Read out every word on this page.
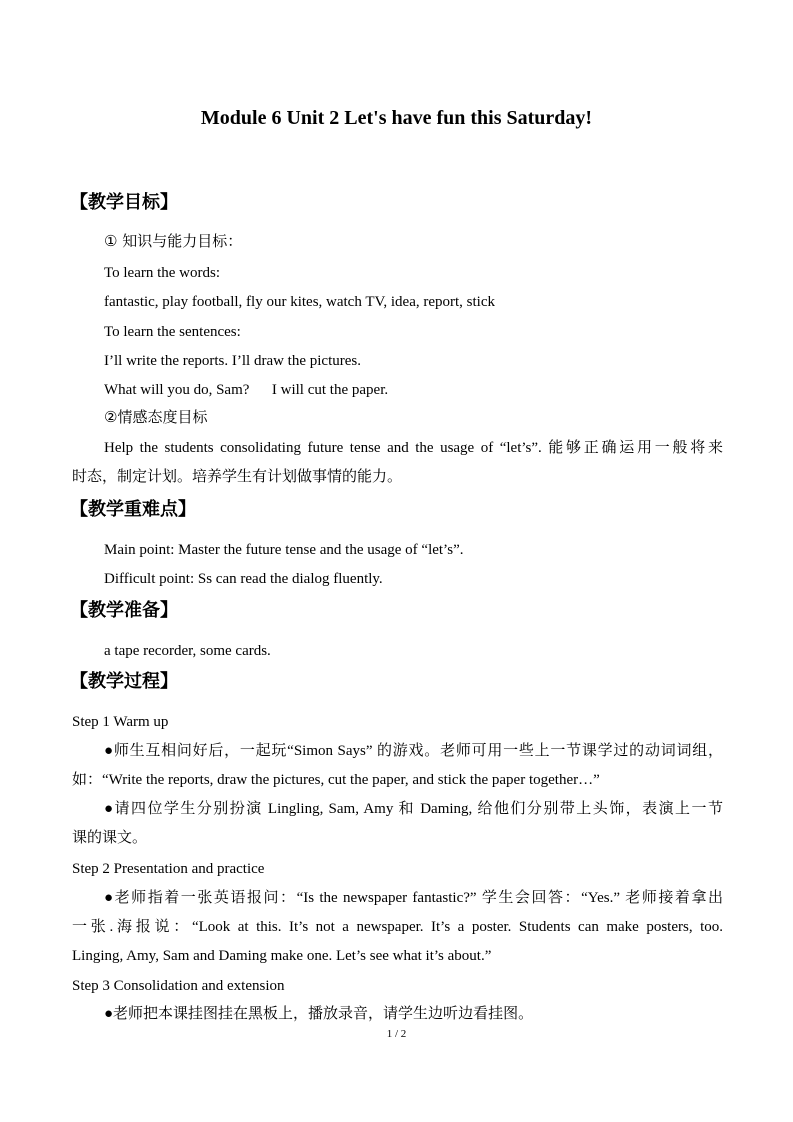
Module 6 Unit 2 Let's have fun this Saturday!
【教学目标】
① 知识与能力目标：
To learn the words:
fantastic, play football, fly our kites, watch TV, idea, report, stick
To learn the sentences:
I’ll write the reports. I’ll draw the pictures.
What will you do, Sam?      I will cut the paper.
②情感态度目标
Help the students consolidating future tense and the usage of “let’s”. 能够正确运用一般将来
时态，制定计划。培养学生有计划做事情的能力。
【教学重难点】
Main point: Master the future tense and the usage of “let’s”.
Difficult point: Ss can read the dialog fluently.
【教学准备】
a tape recorder, some cards.
【教学过程】
Step 1 Warm up
●师生互相问好后，一起玩“Simon Says” 的游戏。老师可用一些上一节课学过的动词词组，
如：“Write the reports, draw the pictures, cut the paper, and stick the paper together…”
●请四位学生分别扮演 Lingling, Sam, Amy 和 Daming, 给他们分别带上头饰，表演上一节
课的课文。
Step 2 Presentation and practice
●老师指着一张英语报问：“Is the newspaper fantastic?” 学生会回答：“Yes.” 老师接着拿出
一张.海报说：“Look at this. It’s not a newspaper. It’s a poster. Students can make posters, too.
Linging, Amy, Sam and Daming make one. Let’s see what it’s about.”
Step 3 Consolidation and extension
●老师把本课挂图挂在黑板上，播放录音，请学生边听边看挂图。
1 / 2
